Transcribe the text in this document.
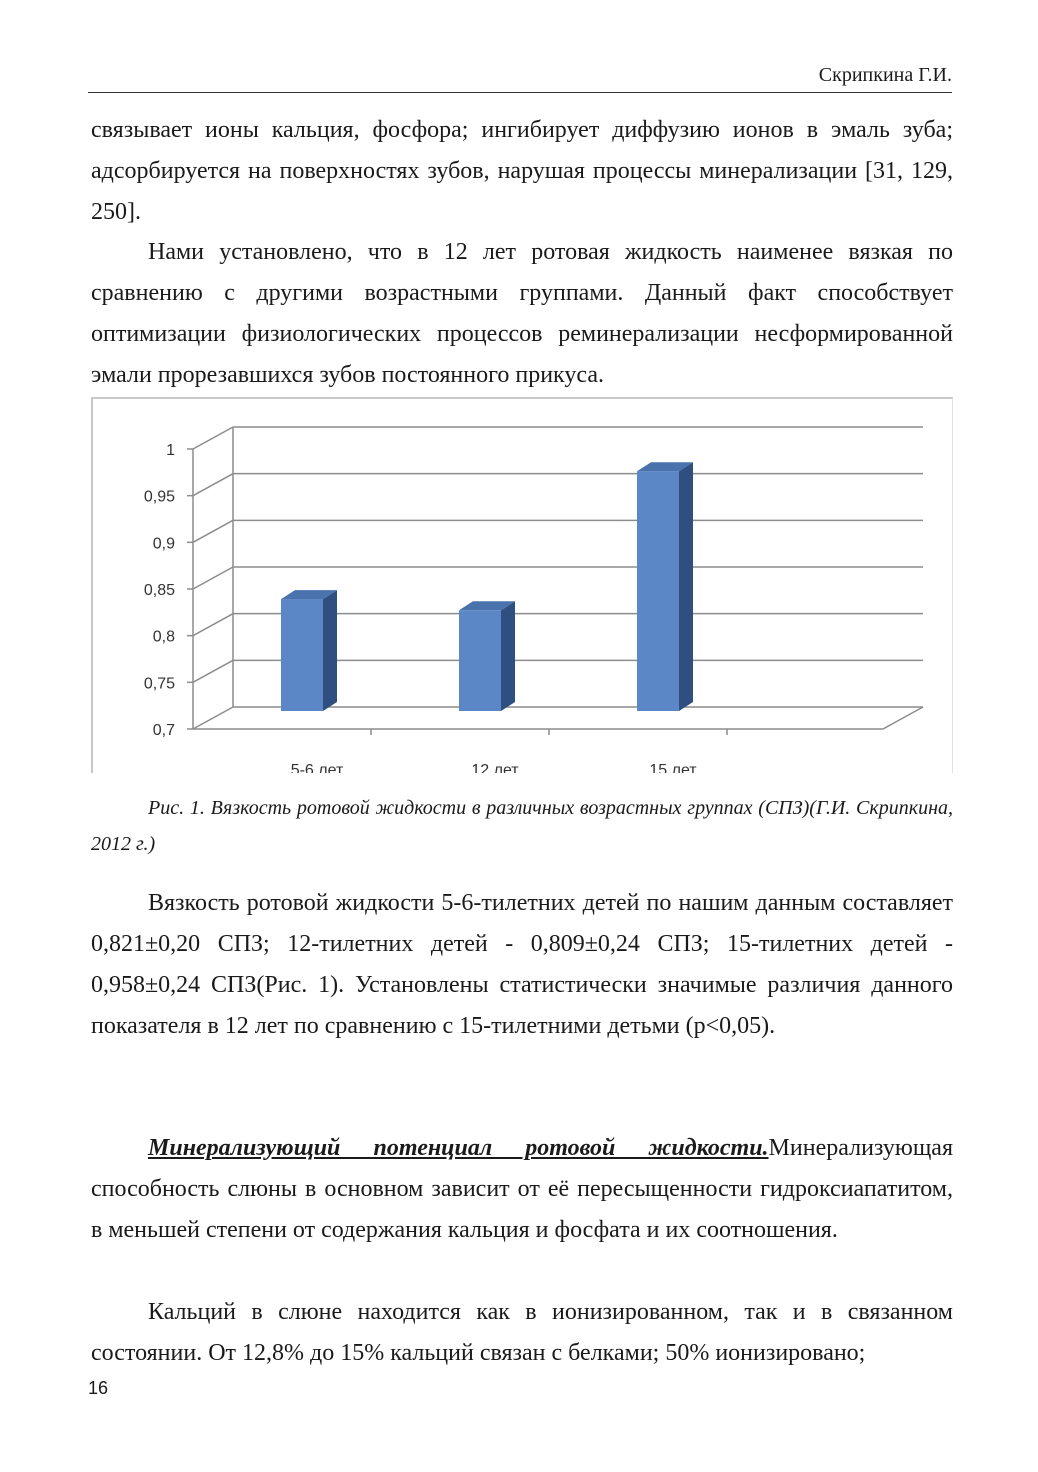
Скрипкина Г.И.

связывает ионы кальция, фосфора; ингибирует диффузию ионов в эмаль зуба; адсорбируется на поверхностях зубов, нарушая процессы минерализации [31, 129, 250].

Нами установлено, что в 12 лет ротовая жидкость наименее вязкая по сравнению с другими возрастными группами. Данный факт способствует оптимизации физиологических процессов реминерализации несформированной эмали прорезавшихся зубов постоянного прикуса.

0,7
0,75
0,8
0,85
0,9
0,95
1
5-6 лет	12 лет	15 лет

Рис. 1. Вязкость ротовой жидкости в различных возрастных группах (СПЗ)(Г.И. Скрипкина, 2012 г.)

Вязкость ротовой жидкости 5-6-тилетних детей по нашим данным составляет 0,821±0,20 СПЗ; 12-тилетних детей - 0,809±0,24 СПЗ; 15-тилетних детей - 0,958±0,24 СПЗ(Рис. 1). Установлены статистически значимые различия данного показателя в 12 лет по сравнению с 15-тилетними детьми (p<0,05).

Минерализующий потенциал ротовой жидкости.Минерализующая способность слюны в основном зависит от её пересыщенности гидроксиапатитом, в меньшей степени от содержания кальция и фосфата и их соотношения.

Кальций в слюне находится как в ионизированном, так и в связанном состоянии. От 12,8% до 15% кальций связан с белками; 50% ионизировано;

16
